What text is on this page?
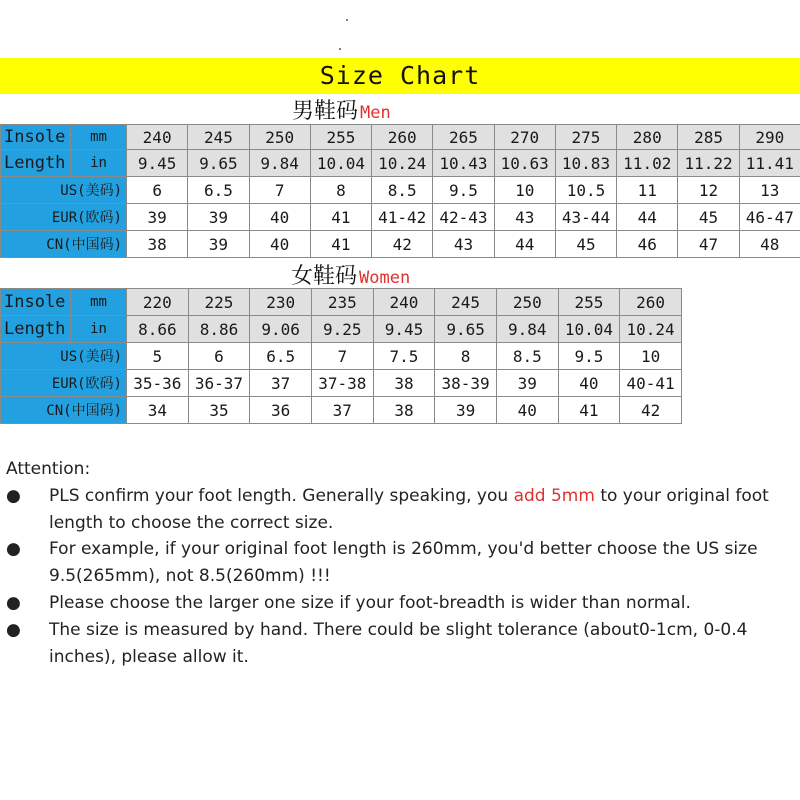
Size Chart
男鞋码 Men
Insole	mm	240	245	250	255	260	265	270	275	280	285	290
Length	in	9.45	9.65	9.84	10.04	10.24	10.43	10.63	10.83	11.02	11.22	11.41
US(美码)		6	6.5	7	8	8.5	9.5	10	10.5	11	12	13
EUR(欧码)		39	39	40	41	41-42	42-43	43	43-44	44	45	46-47
CN(中国码)		38	39	40	41	42	43	44	45	46	47	48
女鞋码 Women
Insole	mm	220	225	230	235	240	245	250	255	260
Length	in	8.66	8.86	9.06	9.25	9.45	9.65	9.84	10.04	10.24
US(美码)		5	6	6.5	7	7.5	8	8.5	9.5	10
EUR(欧码)		35-36	36-37	37	37-38	38	38-39	39	40	40-41
CN(中国码)		34	35	36	37	38	39	40	41	42
Attention:
● PLS confirm your foot length. Generally speaking, you add 5mm to your original foot length to choose the correct size.
● For example, if your original foot length is 260mm, you'd better choose the US size 9.5(265mm), not 8.5(260mm) !!!
● Please choose the larger one size if your foot-breadth is wider than normal.
● The size is measured by hand. There could be slight tolerance (about0-1cm, 0-0.4 inches), please allow it.
